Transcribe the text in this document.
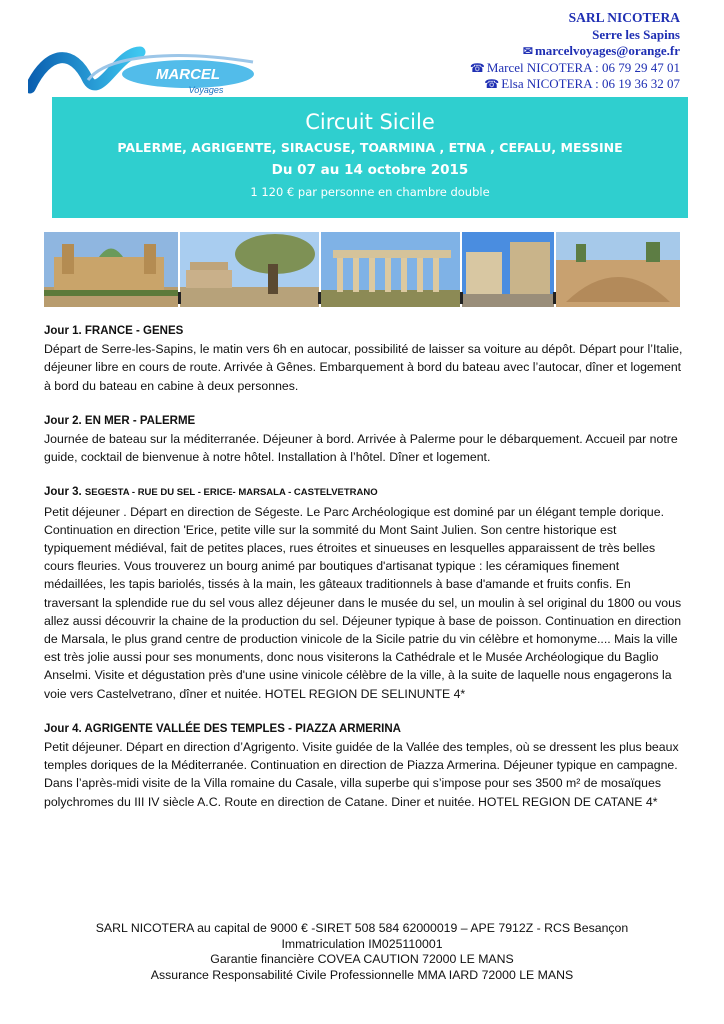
MARCEL
Voyages
SARL NICOTERA
Serre les Sapins
✉ marcelvoyages@orange.fr
☎ Marcel NICOTERA : 06 79 29 47 01
☎ Elsa NICOTERA : 06 19 36 32 07
Circuit Sicile
PALERME, AGRIGENTE, SIRACUSE, TOARMINA , ETNA , CEFALU, MESSINE
Du 07 au 14 octobre 2015
1 120 € par personne en chambre double
Jour 1. FRANCE - GENES

Départ de Serre-les-Sapins, le matin vers 6h en autocar, possibilité de laisser sa voiture au dépôt. Départ pour l’Italie, déjeuner libre en cours de route. Arrivée à Gênes. Embarquement à bord du bateau avec l’autocar, dîner et logement à bord du bateau en cabine à deux personnes.

Jour 2. EN MER - PALERME

Journée de bateau sur la méditerranée. Déjeuner à bord. Arrivée à Palerme pour le débarquement. Accueil par notre guide, cocktail de bienvenue à notre hôtel. Installation à l’hôtel. Dîner et logement.

Jour 3. SEGESTA - RUE DU SEL - ERICE- MARSALA - CASTELVETRANO

Petit déjeuner . Départ en direction de Ségeste. Le Parc Archéologique est dominé par un élégant temple dorique. Continuation en direction 'Erice, petite ville sur la sommité du Mont Saint Julien. Son centre historique est typiquement médiéval, fait de petites places, rues étroites et sinueuses en lesquelles apparaissent de très belles cours fleuries. Vous trouverez un bourg animé par boutiques d'artisanat typique : les céramiques finement médaillées, les tapis bariolés, tissés à la main, les gâteaux traditionnels à base d'amande et fruits confis. En traversant la splendide rue du sel vous allez déjeuner dans le musée du sel, un moulin à sel original du 1800 ou vous allez aussi découvrir la chaine de la production du sel. Déjeuner typique à base de poisson. Continuation en direction de Marsala, le plus grand centre de production vinicole de la Sicile patrie du vin célèbre et homonyme.... Mais la ville est très jolie aussi pour ses monuments, donc nous visiterons la Cathédrale et le Musée Archéologique du Baglio Anselmi. Visite et dégustation près d'une usine vinicole célèbre de la ville, à la suite de laquelle nous engagerons la voie vers Castelvetrano, dîner et nuitée. HOTEL REGION DE SELINUNTE 4*

Jour 4. AGRIGENTE VALLÉE DES TEMPLES - PIAZZA ARMERINA

Petit déjeuner. Départ en direction d’Agrigento. Visite guidée de la Vallée des temples, où se dressent les plus beaux temples doriques de la Méditerranée. Continuation en direction de Piazza Armerina. Déjeuner typique en campagne. Dans l’après-midi visite de la Villa romaine du Casale, villa superbe qui s’impose pour ses 3500 m² de mosaïques polychromes du III IV siècle A.C. Route en direction de Catane. Diner et nuitée. HOTEL REGION DE CATANE 4*

SARL NICOTERA au capital de 9000 € -SIRET 508 584 62000019 – APE 7912Z - RCS Besançon
Immatriculation IM025110001
Garantie financière COVEA CAUTION 72000 LE MANS
Assurance Responsabilité Civile Professionnelle MMA IARD 72000 LE MANS
